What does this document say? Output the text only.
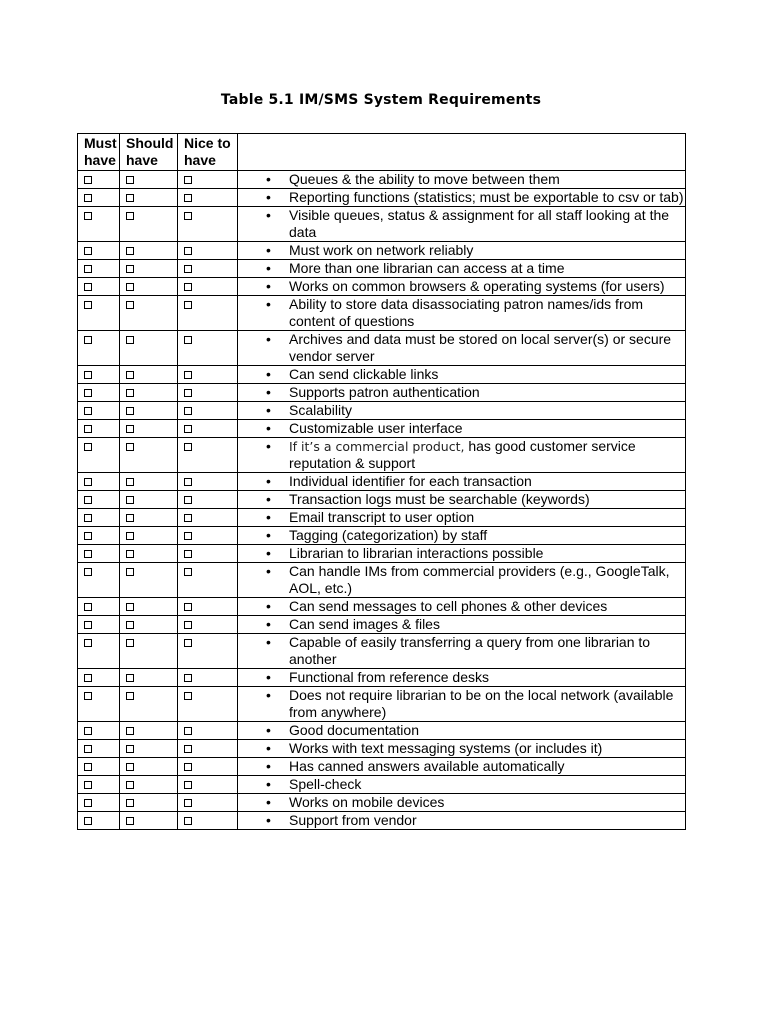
Table 5.1 IM/SMS System Requirements
Must have	Should have	Nice to have	

			• Queues & the ability to move between them

			• Reporting functions (statistics; must be exportable to csv or tab)

			• Visible queues, status & assignment for all staff looking at the data

			• Must work on network reliably

			• More than one librarian can access at a time

			• Works on common browsers & operating systems (for users)

			• Ability to store data disassociating patron names/ids from content of questions

			• Archives and data must be stored on local server(s) or secure vendor server

			• Can send clickable links

			• Supports patron authentication

			• Scalability

			• Customizable user interface

			• If it’s a commercial product, has good customer service reputation & support

			• Individual identifier for each transaction

			• Transaction logs must be searchable (keywords)

			• Email transcript to user option

			• Tagging (categorization) by staff

			• Librarian to librarian interactions possible

			• Can handle IMs from commercial providers (e.g., GoogleTalk, AOL, etc.)

			• Can send messages to cell phones & other devices

			• Can send images & files

			• Capable of easily transferring a query from one librarian to another

			• Functional from reference desks

			• Does not require librarian to be on the local network (available from anywhere)

			• Good documentation

			• Works with text messaging systems (or includes it)

			• Has canned answers available automatically

			• Spell-check

			• Works on mobile devices

			• Support from vendor
